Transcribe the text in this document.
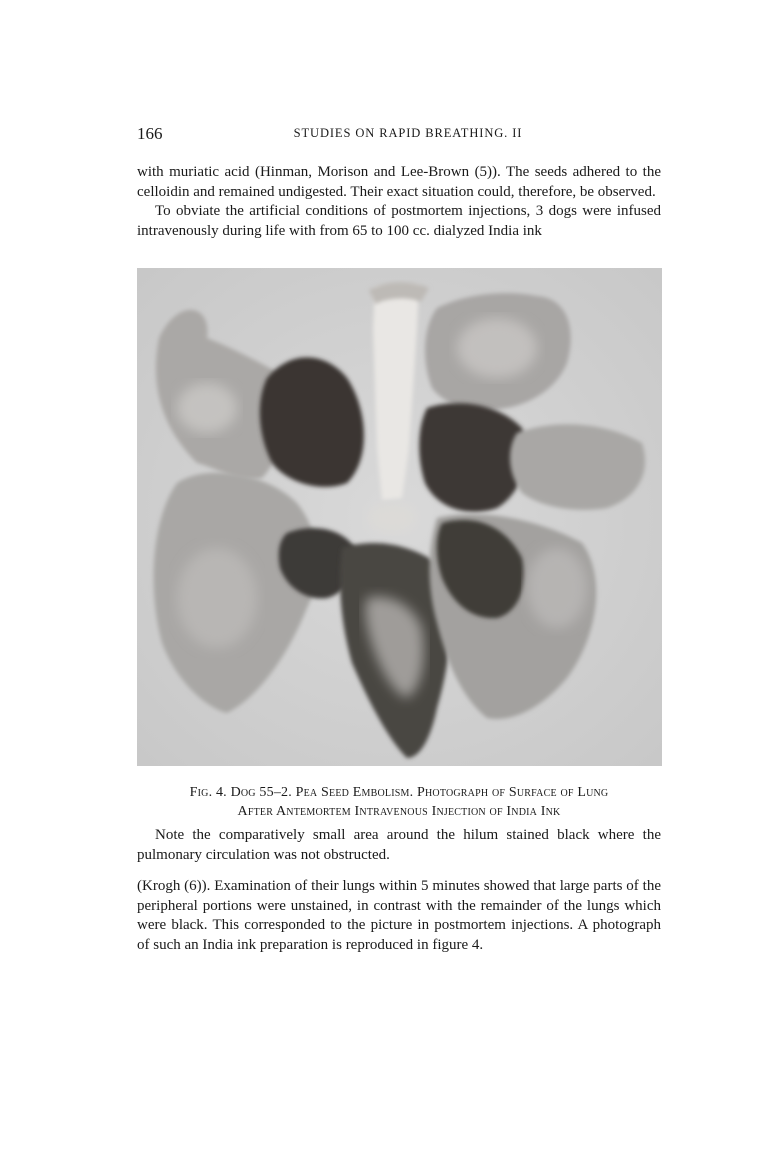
166	STUDIES ON RAPID BREATHING. II

with muriatic acid (Hinman, Morison and Lee-Brown (5)). The seeds adhered to the celloidin and remained undigested. Their exact situation could, therefore, be observed.

To obviate the artificial conditions of postmortem injections, 3 dogs were infused intravenously during life with from 65 to 100 cc. dialyzed India ink

Fig. 4. Dog 55–2. Pea Seed Embolism. Photograph of Surface of Lung
After Antemortem Intravenous Injection of India Ink

Note the comparatively small area around the hilum stained black where the pulmonary circulation was not obstructed.

(Krogh (6)). Examination of their lungs within 5 minutes showed that large parts of the peripheral portions were unstained, in contrast with the remainder of the lungs which were black. This corresponded to the picture in postmortem injections. A photograph of such an India ink preparation is reproduced in figure 4.
